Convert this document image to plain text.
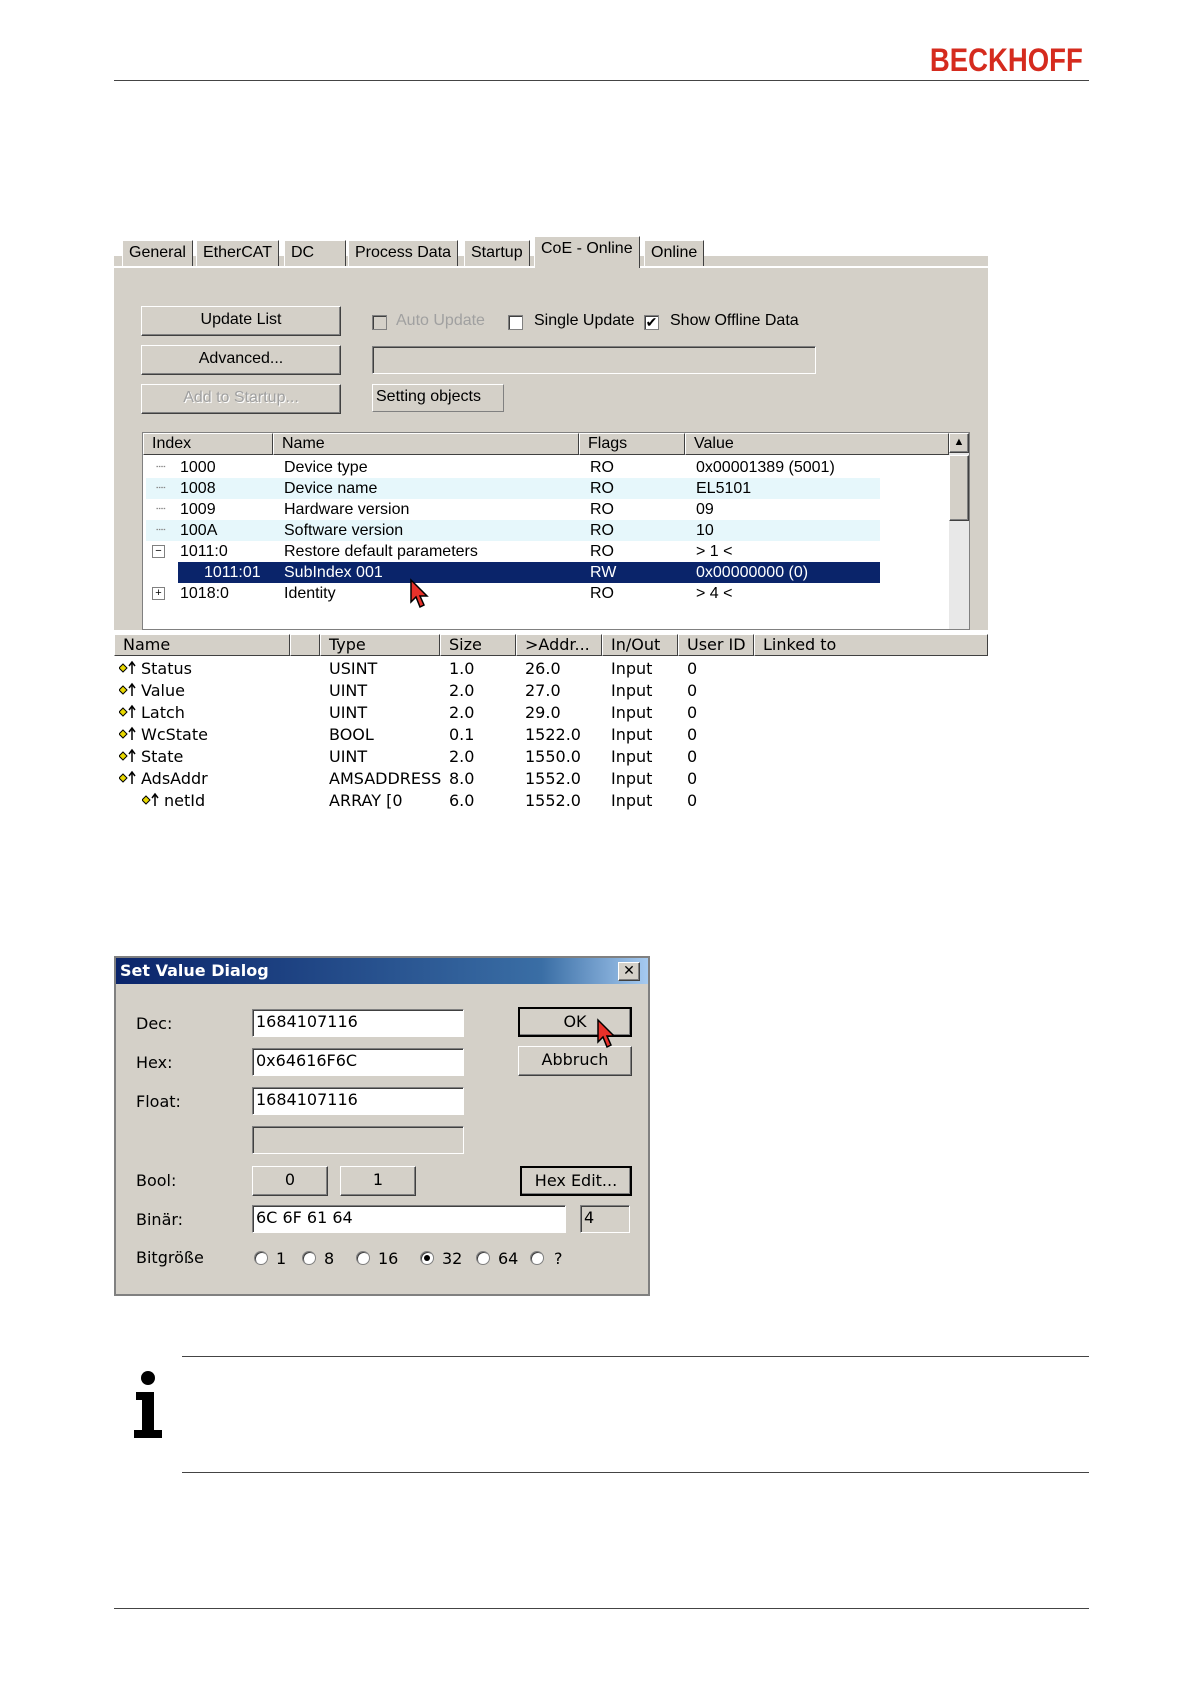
BECKHOFF
General	EtherCAT	DC	Process Data	Startup	CoE - Online	Online
Update List
Advanced...
Add to Startup...
Auto Update	Single Update ✔ Show Offline Data
Setting objects
Index	Name	Flags	Value	▲
┈ 1000	Device type	RO	0x00001389 (5001)
┈ 1008	Device name	RO	EL5101
┈ 1009	Hardware version	RO	09
┈ 100A	Software version	RO	10
− 1011:0	Restore default parameters	RO	> 1 <
1011:01 SubIndex 001	RW	0x00000000 (0)
+ 1018:0	Identity	RO	> 4 <
Name	Type	Size	>Addr...	In/Out	User ID	Linked to
Status	USINT	1.0	26.0	Input 0
Value	UINT	2.0	27.0	Input 0
Latch	UINT	2.0	29.0	Input 0
WcState	BOOL	0.1	1522.0 Input 0
State	UINT	2.0	1550.0 Input 0
AdsAddr	AMSADDRESS 8.0	1552.0 Input 0
netId	ARRAY [0	6.0	1552.0 Input 0
Set Value Dialog	✕
Dec:	1684107116
Hex:	0x64616F6C
Float:	1684107116
Bool:	0	1	Hex Edit...
Binär:	6C 6F 61 64	4
Bitgröße	1 8	16	32 64 ?
OK
Abbruch
